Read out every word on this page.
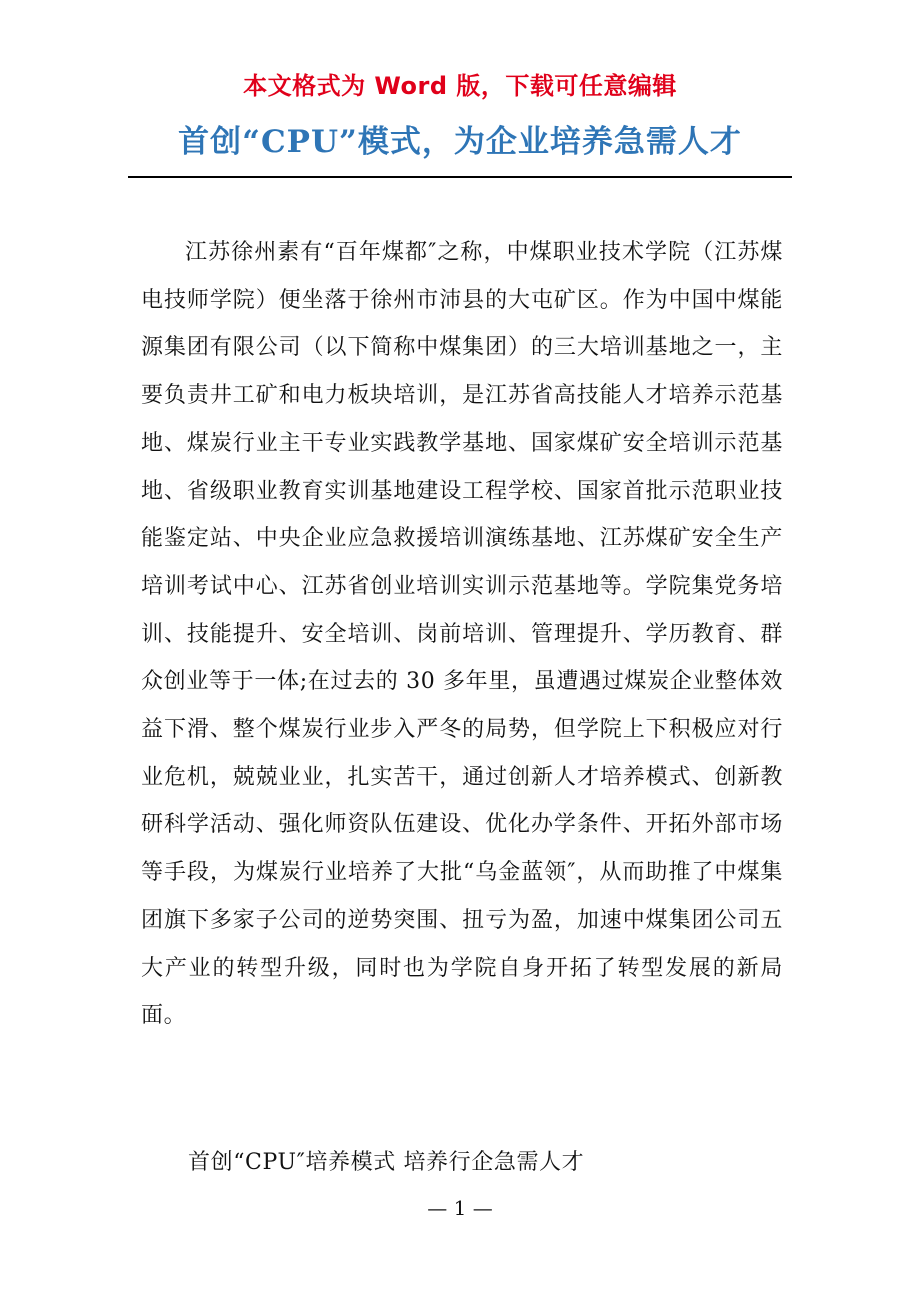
本文格式为 Word 版，下载可任意编辑
首创“CPU”模式，为企业培养急需人才

江苏徐州素有“百年煤都″之称，中煤职业技术学院（江苏煤电技师学院）便坐落于徐州市沛县的大屯矿区。作为中国中煤能源集团有限公司（以下简称中煤集团）的三大培训基地之一，主要负责井工矿和电力板块培训，是江苏省高技能人才培养示范基地、煤炭行业主干专业实践教学基地、国家煤矿安全培训示范基地、省级职业教育实训基地建设工程学校、国家首批示范职业技能鉴定站、中央企业应急救援培训演练基地、江苏煤矿安全生产培训考试中心、江苏省创业培训实训示范基地等。学院集党务培训、技能提升、安全培训、岗前培训、管理提升、学历教育、群众创业等于一体;在过去的 30 多年里，虽遭遇过煤炭企业整体效益下滑、整个煤炭行业步入严冬的局势，但学院上下积极应对行业危机，兢兢业业，扎实苦干，通过创新人才培养模式、创新教研科学活动、强化师资队伍建设、优化办学条件、开拓外部市场等手段，为煤炭行业培养了大批“乌金蓝领″，从而助推了中煤集团旗下多家子公司的逆势突围、扭亏为盈，加速中煤集团公司五大产业的转型升级，同时也为学院自身开拓了转型发展的新局面。

首创“CPU″培养模式 培养行企急需人才

— 1 —
